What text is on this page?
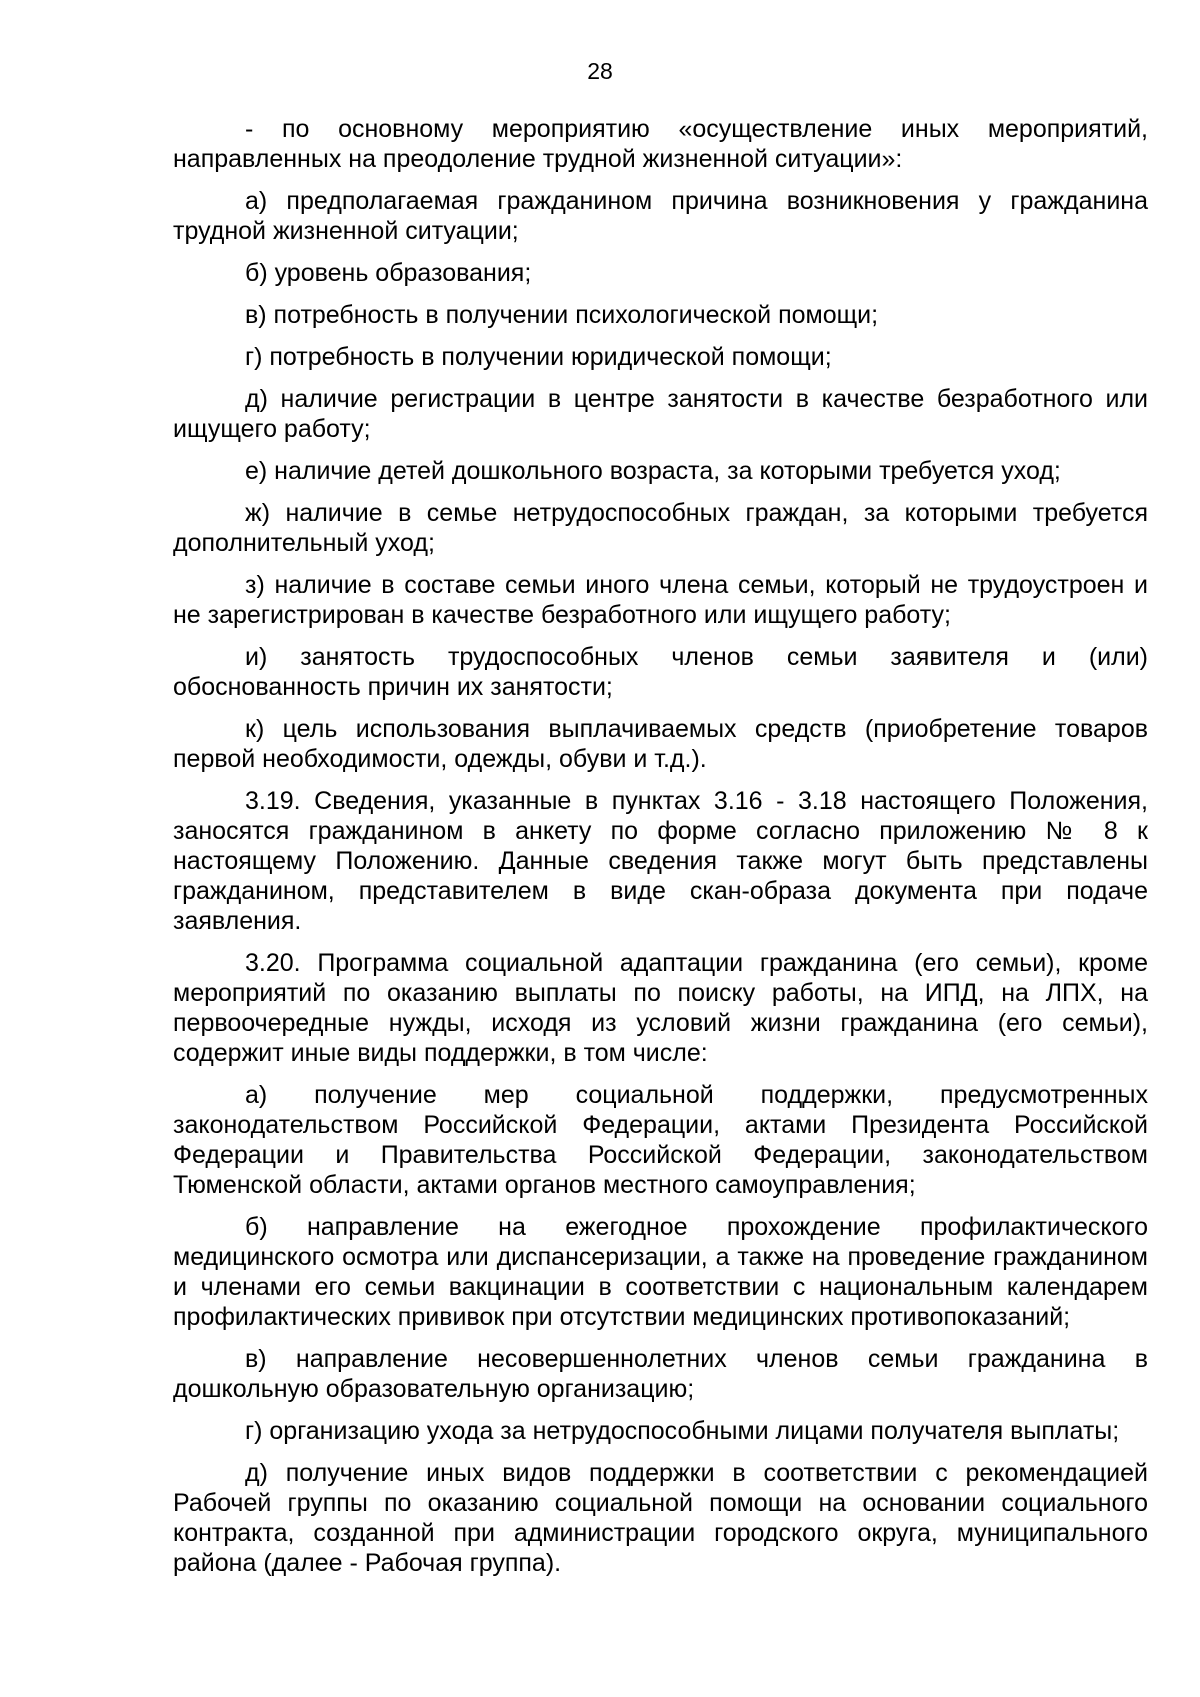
28

- по основному мероприятию «осуществление иных мероприятий, направленных на преодоление трудной жизненной ситуации»:

а) предполагаемая гражданином причина возникновения у гражданина трудной жизненной ситуации;

б) уровень образования;

в) потребность в получении психологической помощи;

г) потребность в получении юридической помощи;

д) наличие регистрации в центре занятости в качестве безработного или ищущего работу;

е) наличие детей дошкольного возраста, за которыми требуется уход;

ж) наличие в семье нетрудоспособных граждан, за которыми требуется дополнительный уход;

з) наличие в составе семьи иного члена семьи, который не трудоустроен и не зарегистрирован в качестве безработного или ищущего работу;

и) занятость трудоспособных членов семьи заявителя и (или) обоснованность причин их занятости;

к) цель использования выплачиваемых средств (приобретение товаров первой необходимости, одежды, обуви и т.д.).

3.19. Сведения, указанные в пунктах 3.16 - 3.18 настоящего Положения, заносятся гражданином в анкету по форме согласно приложению № 8 к настоящему Положению. Данные сведения также могут быть представлены гражданином, представителем в виде скан-образа документа при подаче заявления.

3.20. Программа социальной адаптации гражданина (его семьи), кроме мероприятий по оказанию выплаты по поиску работы, на ИПД, на ЛПХ, на первоочередные нужды, исходя из условий жизни гражданина (его семьи), содержит иные виды поддержки, в том числе:

а) получение мер социальной поддержки, предусмотренных законодательством Российской Федерации, актами Президента Российской Федерации и Правительства Российской Федерации, законодательством Тюменской области, актами органов местного самоуправления;

б) направление на ежегодное прохождение профилактического медицинского осмотра или диспансеризации, а также на проведение гражданином и членами его семьи вакцинации в соответствии с национальным календарем профилактических прививок при отсутствии медицинских противопоказаний;

в) направление несовершеннолетних членов семьи гражданина в дошкольную образовательную организацию;

г) организацию ухода за нетрудоспособными лицами получателя выплаты;

д) получение иных видов поддержки в соответствии с рекомендацией Рабочей группы по оказанию социальной помощи на основании социального контракта, созданной при администрации городского округа, муниципального района (далее - Рабочая группа).
